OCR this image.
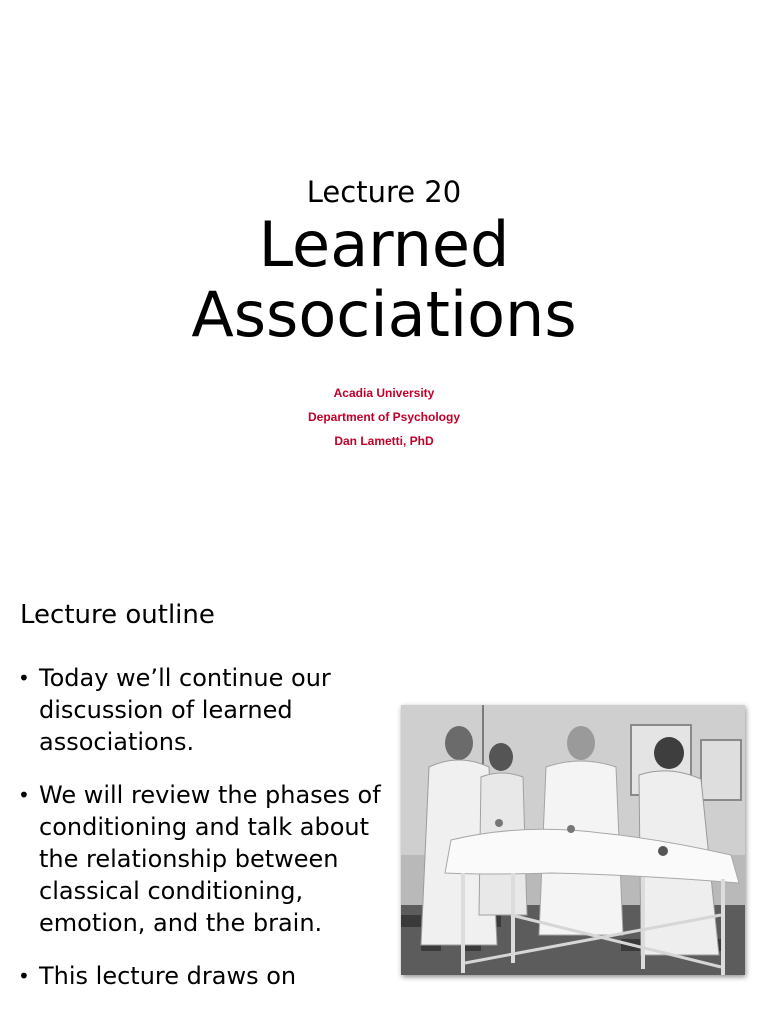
Lecture 20
Learned
Associations
Acadia University
Department of Psychology
Dan Lametti, PhD
Lecture outline
• Today we’ll continue our discussion of learned associations.
• We will review the phases of conditioning and talk about the relationship between classical conditioning, emotion, and the brain.
• This lecture draws on
